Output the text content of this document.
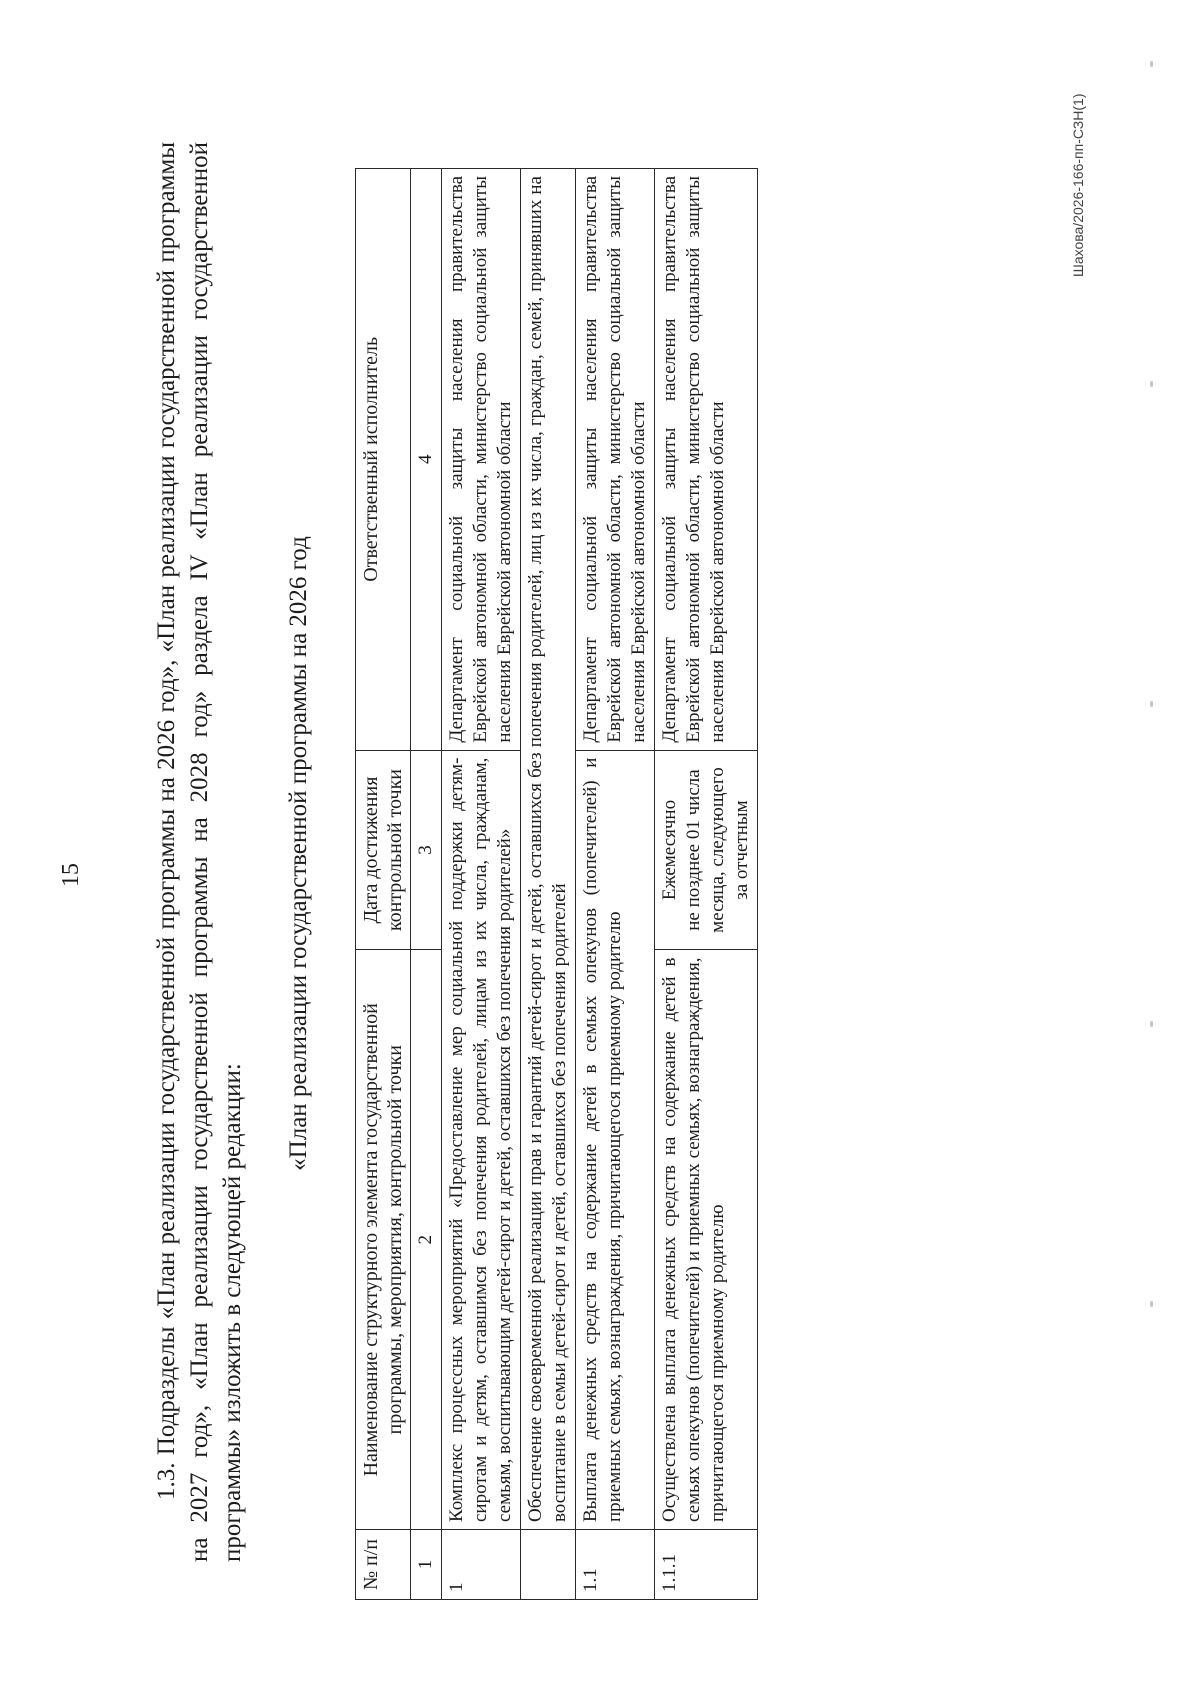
15	1.3. Подразделы «План реализации государственной программы на 2026 год», «План реализации государственной программы на 2027 год», «План реализации государственной программы на 2028 год» раздела IV «План реализации государственной программы» изложить в следующей редакции:
«План реализации государственной программы на 2026 год
№ п/п	Наименование структурного элемента государственной программы, мероприятия, контрольной точки	Дата достижения контрольной точки	Ответственный исполнитель
1	2	3	4
1	Комплекс процессных мероприятий «Предоставление мер социальной поддержки детям-сиротам и детям, оставшимся без попечения родителей, лицам из их числа, гражданам, семьям, воспитывающим детей-сирот и детей, оставшихся без попечения родителей»		Департамент социальной защиты населения правительства Еврейской автономной области, министерство социальной защиты населения Еврейской автономной области
	Обеспечение своевременной реализации прав и гарантий детей-сирот и детей, оставшихся без попечения родителей, лиц из их числа, граждан, семей, принявших на воспитание в семьи детей-сирот и детей, оставшихся без попечения родителей		
1.1	Выплата денежных средств на содержание детей в семьях опекунов (попечителей) и приемных семьях, вознаграждения, причитающегося приемному родителю		Департамент социальной защиты населения правительства Еврейской автономной области, министерство социальной защиты населения Еврейской автономной области
1.1.1	Осуществлена выплата денежных средств на содержание детей в семьях опекунов (попечителей) и приемных семьях, вознаграждения, причитающегося приемному родителю	Ежемесячно не позднее 01 числа месяца, следующего за отчетным	Департамент социальной защиты населения правительства Еврейской автономной области, министерство социальной защиты населения Еврейской автономной области
Шахова/2026-166-пп-СЗН(1)
